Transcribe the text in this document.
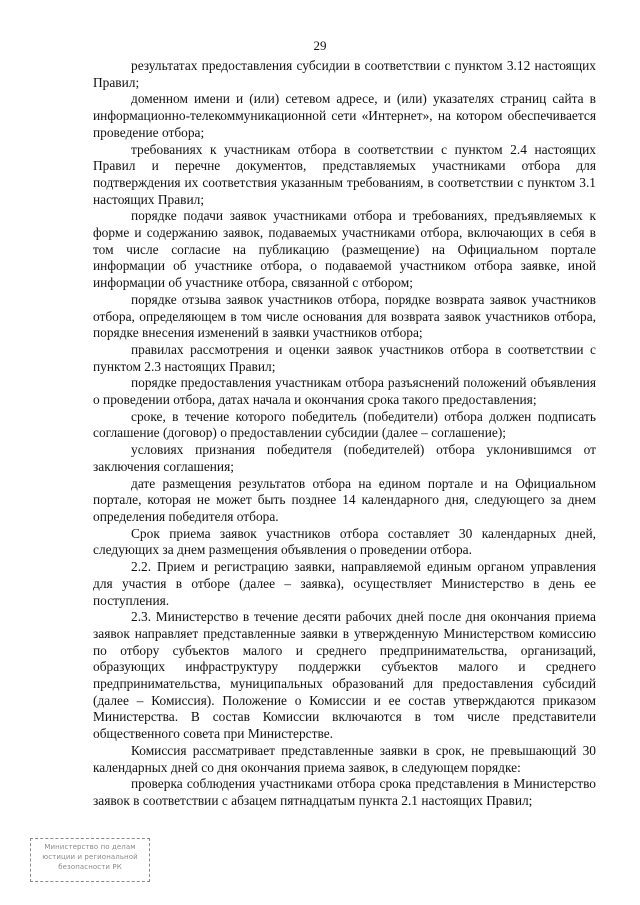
29

результатах предоставления субсидии в соответствии с пунктом 3.12 настоящих Правил;

доменном имени и (или) сетевом адресе, и (или) указателях страниц сайта в информационно-телекоммуникационной сети «Интернет», на котором обеспечивается проведение отбора;

требованиях к участникам отбора в соответствии с пунктом 2.4 настоящих Правил и перечне документов, представляемых участниками отбора для подтверждения их соответствия указанным требованиям, в соответствии с пунктом 3.1 настоящих Правил;

порядке подачи заявок участниками отбора и требованиях, предъявляемых к форме и содержанию заявок, подаваемых участниками отбора, включающих в себя в том числе согласие на публикацию (размещение) на Официальном портале информации об участнике отбора, о подаваемой участником отбора заявке, иной информации об участнике отбора, связанной с отбором;

порядке отзыва заявок участников отбора, порядке возврата заявок участников отбора, определяющем в том числе основания для возврата заявок участников отбора, порядке внесения изменений в заявки участников отбора;

правилах рассмотрения и оценки заявок участников отбора в соответствии с пунктом 2.3 настоящих Правил;

порядке предоставления участникам отбора разъяснений положений объявления о проведении отбора, датах начала и окончания срока такого предоставления;

сроке, в течение которого победитель (победители) отбора должен подписать соглашение (договор) о предоставлении субсидии (далее – соглашение);

условиях признания победителя (победителей) отбора уклонившимся от заключения соглашения;

дате размещения результатов отбора на едином портале и на Официальном портале, которая не может быть позднее 14 календарного дня, следующего за днем определения победителя отбора.

Срок приема заявок участников отбора составляет 30 календарных дней, следующих за днем размещения объявления о проведении отбора.

2.2. Прием и регистрацию заявки, направляемой единым органом управления для участия в отборе (далее – заявка), осуществляет Министерство в день ее поступления.

2.3. Министерство в течение десяти рабочих дней после дня окончания приема заявок направляет представленные заявки в утвержденную Министерством комиссию по отбору субъектов малого и среднего предпринимательства, организаций, образующих инфраструктуру поддержки субъектов малого и среднего предпринимательства, муниципальных образований для предоставления субсидий (далее – Комиссия). Положение о Комиссии и ее состав утверждаются приказом Министерства. В состав Комиссии включаются в том числе представители общественного совета при Министерстве.

Комиссия рассматривает представленные заявки в срок, не превышающий 30 календарных дней со дня окончания приема заявок, в следующем порядке:

проверка соблюдения участниками отбора срока представления в Министерство заявок в соответствии с абзацем пятнадцатым пункта 2.1 настоящих Правил;

Министерство по делам
юстиции и региональной
безопасности РК
